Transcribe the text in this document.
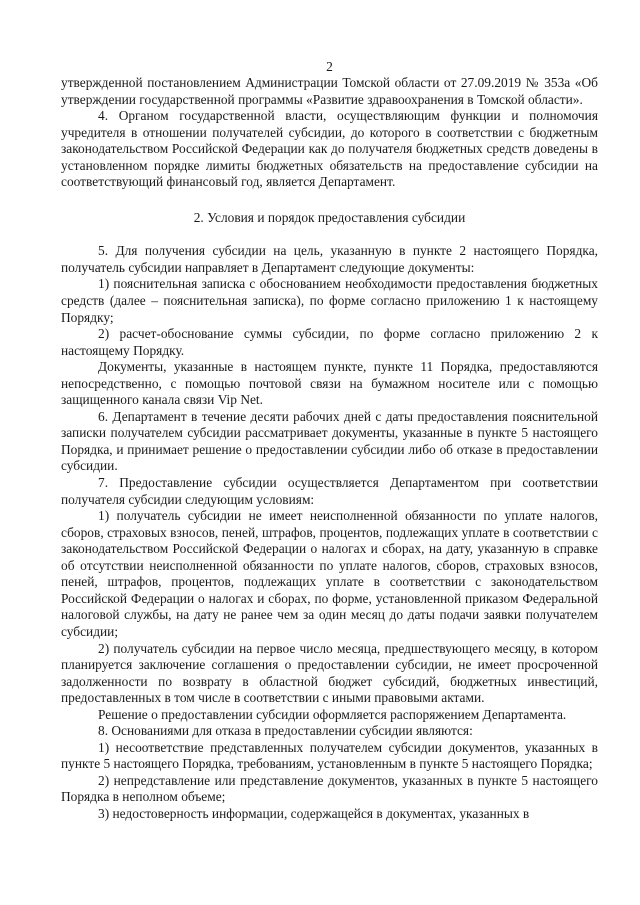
2

утвержденной постановлением Администрации Томской области от 27.09.2019 № 353а «Об утверждении государственной программы «Развитие здравоохранения в Томской области».

4. Органом государственной власти, осуществляющим функции и полномочия учредителя в отношении получателей субсидии, до которого в соответствии с бюджетным законодательством Российской Федерации как до получателя бюджетных средств доведены в установленном порядке лимиты бюджетных обязательств на предоставление субсидии на соответствующий финансовый год, является Департамент.

2. Условия и порядок предоставления субсидии

5. Для получения субсидии на цель, указанную в пункте 2 настоящего Порядка, получатель субсидии направляет в Департамент следующие документы:

1) пояснительная записка с обоснованием необходимости предоставления бюджетных средств (далее – пояснительная записка), по форме согласно приложению 1 к настоящему Порядку;

2) расчет-обоснование суммы субсидии, по форме согласно приложению 2 к настоящему Порядку.

Документы, указанные в настоящем пункте, пункте 11 Порядка, предоставляются непосредственно, с помощью почтовой связи на бумажном носителе или с помощью защищенного канала связи Vip Net.

6. Департамент в течение десяти рабочих дней с даты предоставления пояснительной записки получателем субсидии рассматривает документы, указанные в пункте 5 настоящего Порядка, и принимает решение о предоставлении субсидии либо об отказе в предоставлении субсидии.

7. Предоставление субсидии осуществляется Департаментом при соответствии получателя субсидии следующим условиям:

1) получатель субсидии не имеет неисполненной обязанности по уплате налогов, сборов, страховых взносов, пеней, штрафов, процентов, подлежащих уплате в соответствии с законодательством Российской Федерации о налогах и сборах, на дату, указанную в справке об отсутствии неисполненной обязанности по уплате налогов, сборов, страховых взносов, пеней, штрафов, процентов, подлежащих уплате в соответствии с законодательством Российской Федерации о налогах и сборах, по форме, установленной приказом Федеральной налоговой службы, на дату не ранее чем за один месяц до даты подачи заявки получателем субсидии;

2) получатель субсидии на первое число месяца, предшествующего месяцу, в котором планируется заключение соглашения о предоставлении субсидии, не имеет просроченной задолженности по возврату в областной бюджет субсидий, бюджетных инвестиций, предоставленных в том числе в соответствии с иными правовыми актами.

Решение о предоставлении субсидии оформляется распоряжением Департамента.

8. Основаниями для отказа в предоставлении субсидии являются:

1) несоответствие представленных получателем субсидии документов, указанных в пункте 5 настоящего Порядка, требованиям, установленным в пункте 5 настоящего Порядка;

2) непредставление или представление документов, указанных в пункте 5 настоящего Порядка в неполном объеме;

3) недостоверность информации, содержащейся в документах, указанных в
